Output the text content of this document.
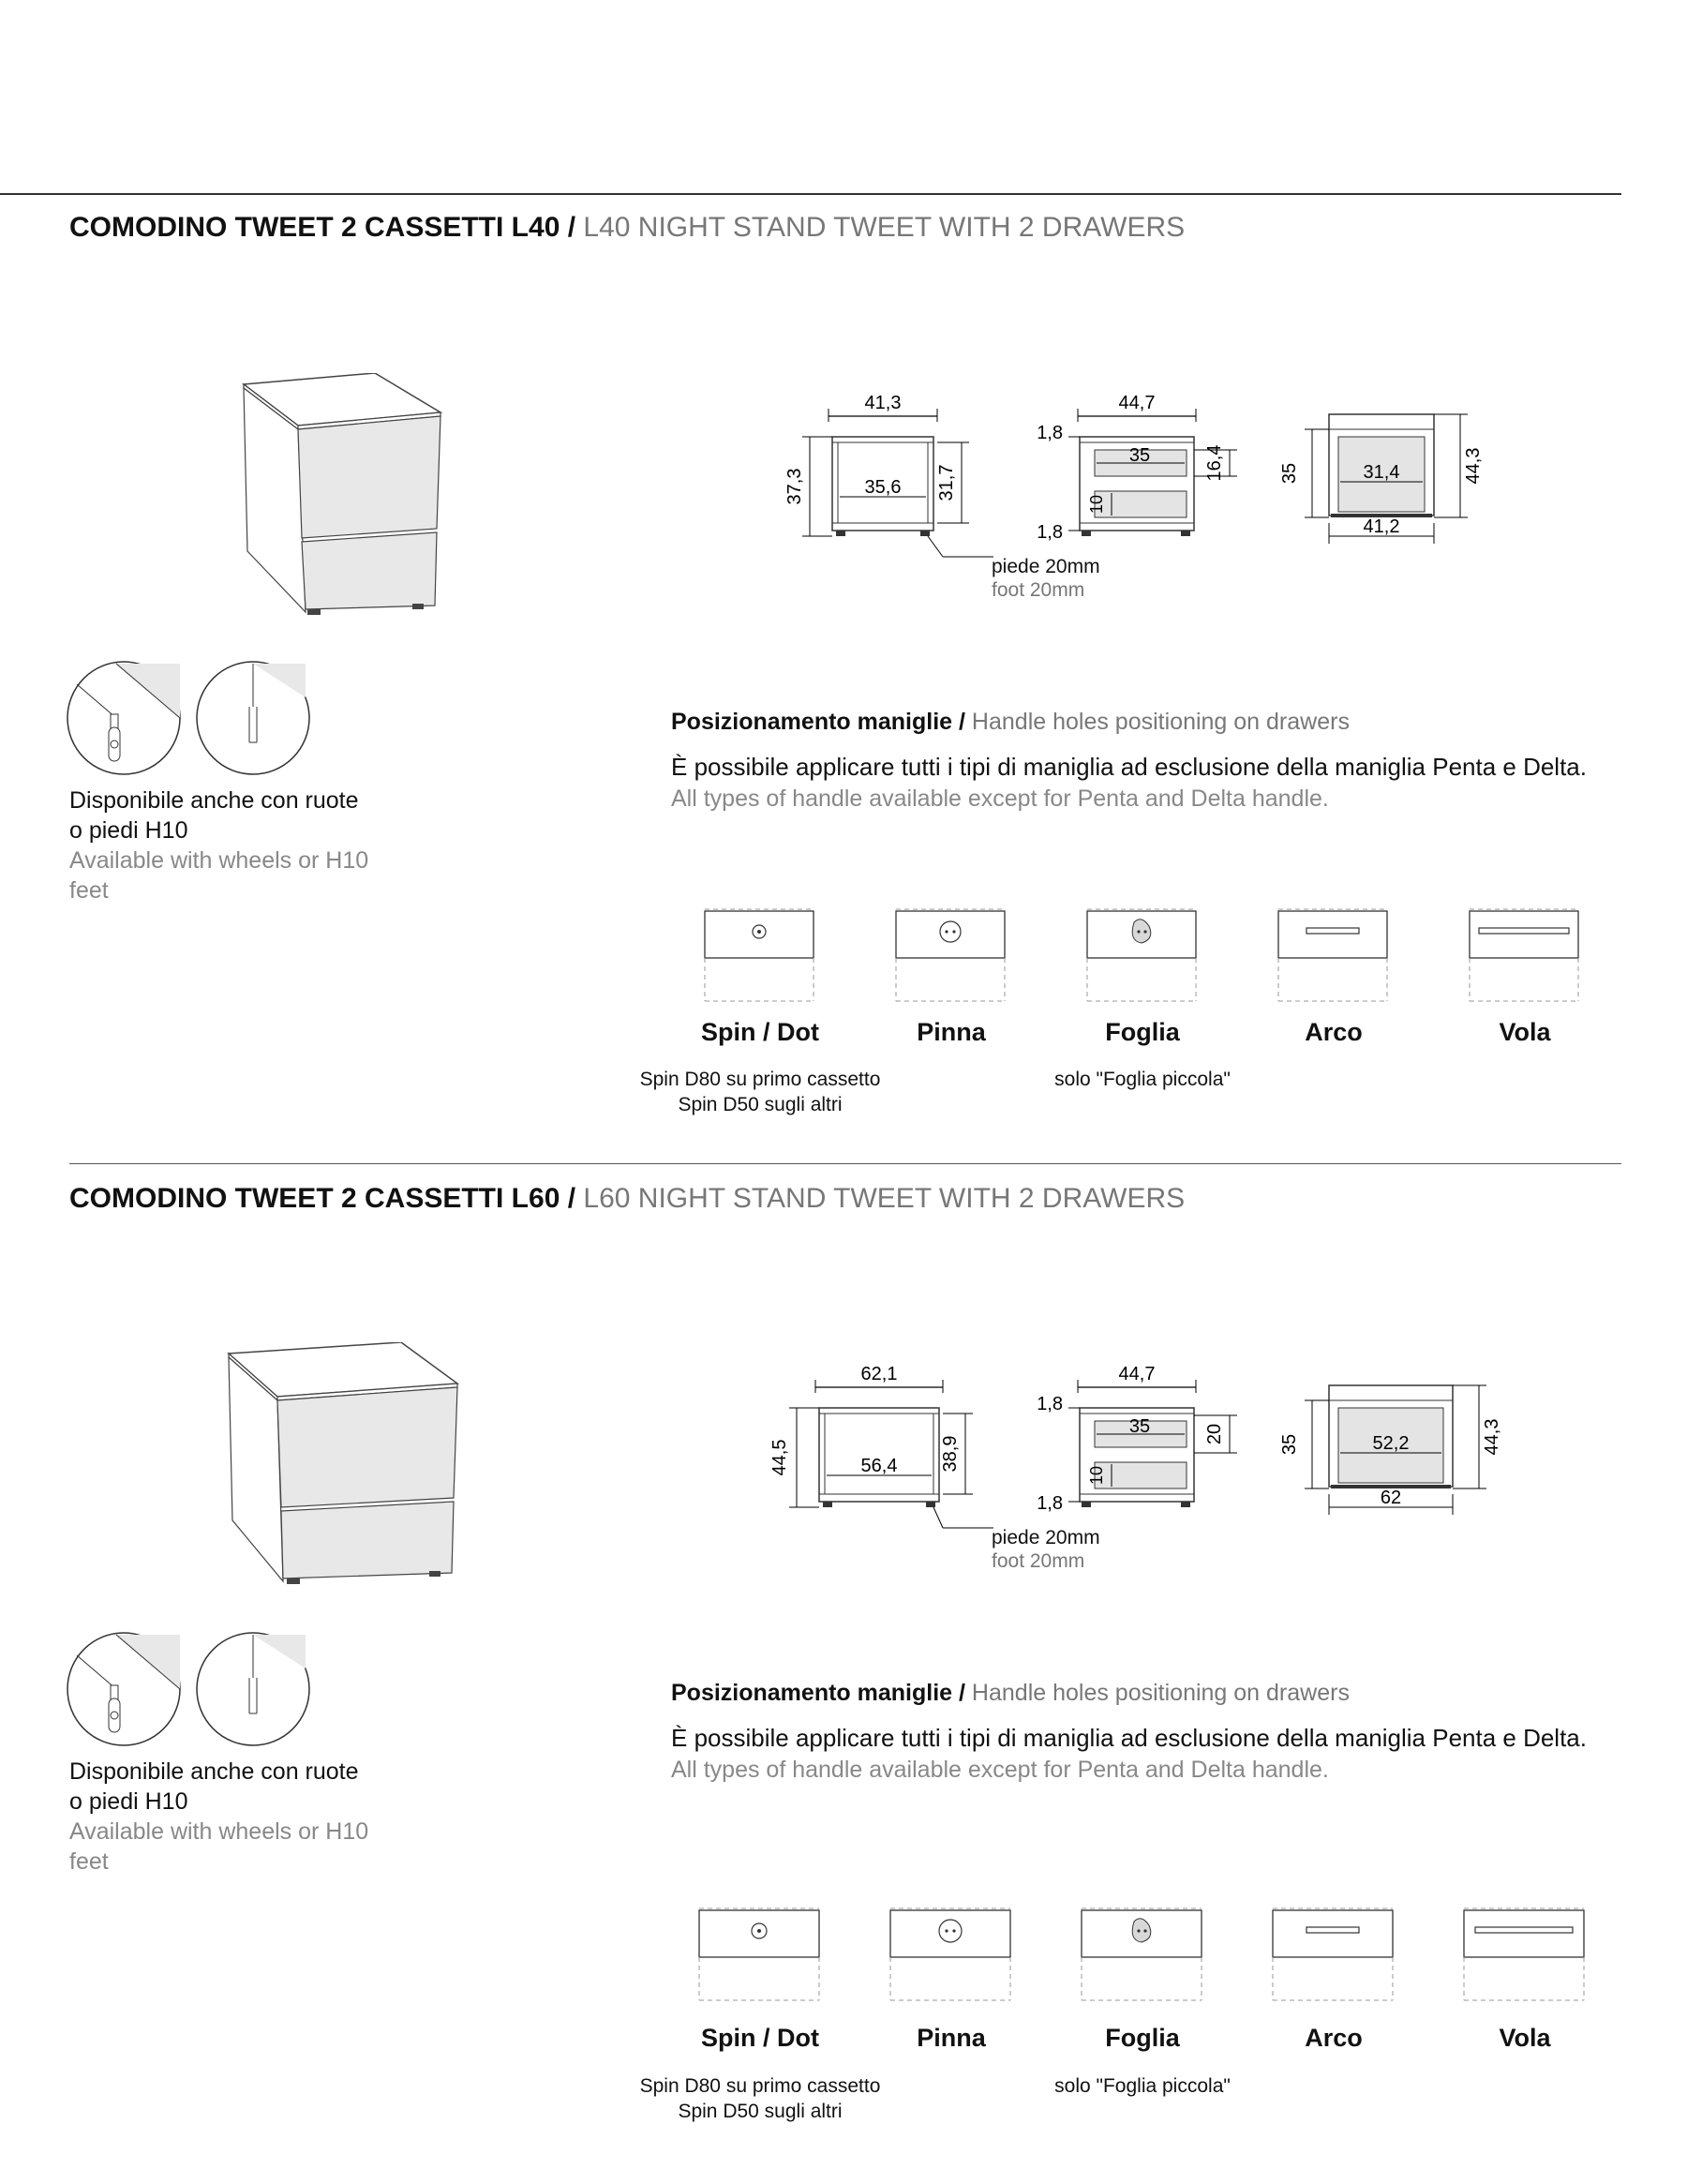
COMODINO TWEET 2 CASSETTI L40 / L40 NIGHT STAND TWEET WITH 2 DRAWERS
41,3
35,6
37,3	31,7
piede 20mm
foot 20mm
44,7
35
10
1,8
1,8
16,4	31,4
35	44,3
41,2
Disponibile anche con ruote o piedi H10
Available with wheels or H10 feet
Posizionamento maniglie / Handle holes positioning on drawers
È possibile applicare tutti i tipi di maniglia ad esclusione della maniglia Penta e Delta.
All types of handle available except for Penta and Delta handle.
Spin / Dot	Pinna	Foglia	Arco	Vola
Spin D80 su primo cassetto
Spin D50 sugli altri
solo "Foglia piccola"
COMODINO TWEET 2 CASSETTI L60 / L60 NIGHT STAND TWEET WITH 2 DRAWERS
62,1
56,4
44,5	38,9
piede 20mm
foot 20mm
44,7
35
10
1,8
1,8
20	52,2
35	44,3
62
Disponibile anche con ruote o piedi H10
Available with wheels or H10 feet
Posizionamento maniglie / Handle holes positioning on drawers
È possibile applicare tutti i tipi di maniglia ad esclusione della maniglia Penta e Delta.
All types of handle available except for Penta and Delta handle.
Spin / Dot	Pinna	Foglia	Arco	Vola
Spin D80 su primo cassetto
Spin D50 sugli altri
solo "Foglia piccola"
